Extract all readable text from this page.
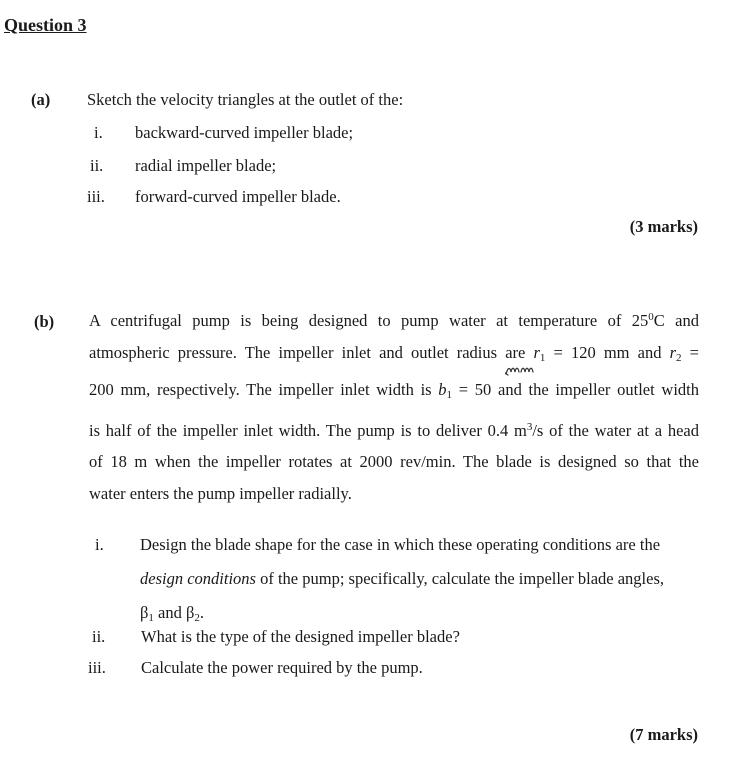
Question 3
(a) Sketch the velocity triangles at the outlet of the:
i. backward-curved impeller blade;
ii. radial impeller blade;
iii. forward-curved impeller blade.
(3 marks)
(b) A centrifugal pump is being designed to pump water at temperature of $25^0C$ and
atmospheric pressure. The impeller inlet and outlet radius are $r_1 = 120$ mm and $r_2$ =
200 mm, respectively. The impeller inlet width is $b_1 = 50$ and the impeller outlet width
is half of the impeller inlet width. The pump is to deliver 0.4 $m^3/s$ of the water at a head
of 18 m when the impeller rotates at 2000 rev/min. The blade is designed so that the
water enters the pump impeller radially.
mm
i. Design the blade shape for the case in which these operating conditions are the
design conditions of the pump; specifically, calculate the impeller blade angles,
$\beta_1$ and $\beta_2$.
ii. What is the type of the designed impeller blade?
iii. Calculate the power required by the pump.
(7 marks)
